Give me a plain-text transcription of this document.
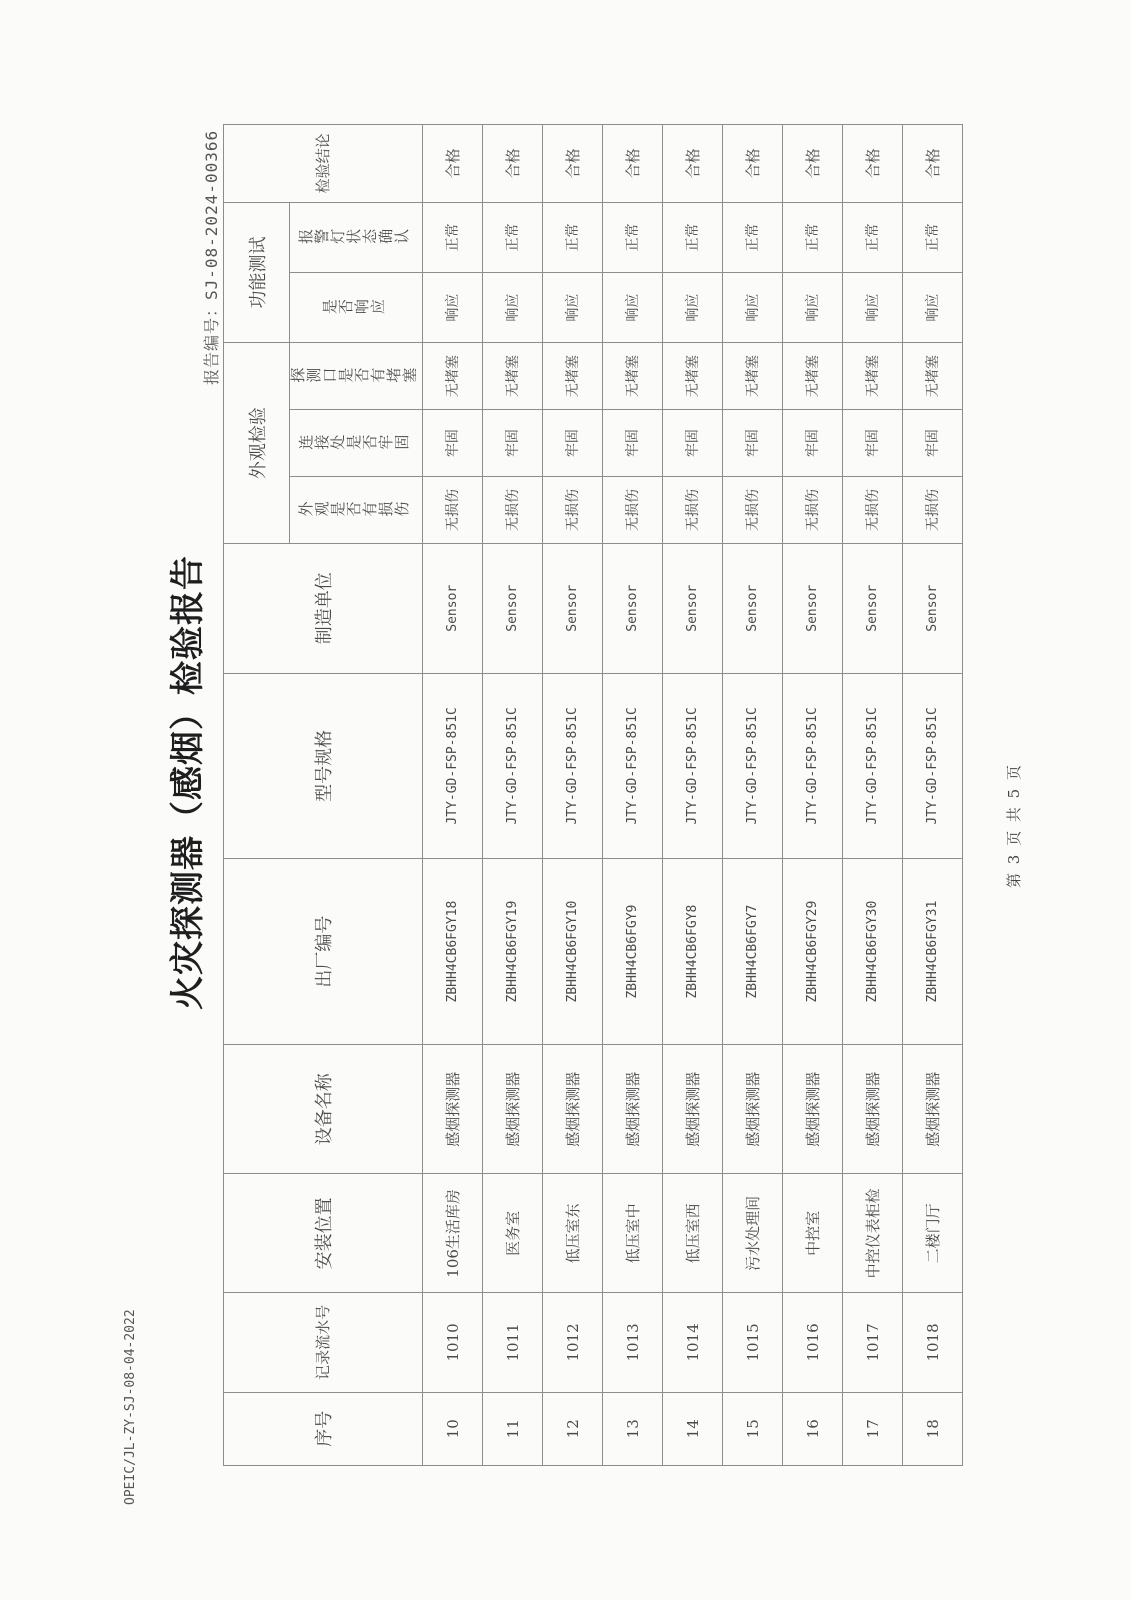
OPEIC/JL-ZY-SJ-08-04-2022
火灾探测器（感烟）检验报告
报告编号：SJ-08-2024-00366
第 3 页 共 5 页
序号	记录流水号	安装位置	设备名称	出厂编号	型号规格	制造单位	外观检验			功能测试		检验结论
							外观是否有损伤	连接处是否牢固	探测口是否有堵塞	是否响应	报警灯状态确认	
10	1010	106生活库房	感烟探测器	ZBHH4CB6FGY18	JTY-GD-FSP-851C	Sensor	无损伤	牢固	无堵塞	响应	正常	合格
11	1011	医务室	感烟探测器	ZBHH4CB6FGY19	JTY-GD-FSP-851C	Sensor	无损伤	牢固	无堵塞	响应	正常	合格
12	1012	低压室东	感烟探测器	ZBHH4CB6FGY10	JTY-GD-FSP-851C	Sensor	无损伤	牢固	无堵塞	响应	正常	合格
13	1013	低压室中	感烟探测器	ZBHH4CB6FGY9	JTY-GD-FSP-851C	Sensor	无损伤	牢固	无堵塞	响应	正常	合格
14	1014	低压室西	感烟探测器	ZBHH4CB6FGY8	JTY-GD-FSP-851C	Sensor	无损伤	牢固	无堵塞	响应	正常	合格
15	1015	污水处理间	感烟探测器	ZBHH4CB6FGY7	JTY-GD-FSP-851C	Sensor	无损伤	牢固	无堵塞	响应	正常	合格
16	1016	中控室	感烟探测器	ZBHH4CB6FGY29	JTY-GD-FSP-851C	Sensor	无损伤	牢固	无堵塞	响应	正常	合格
17	1017	中控仪表柜检	感烟探测器	ZBHH4CB6FGY30	JTY-GD-FSP-851C	Sensor	无损伤	牢固	无堵塞	响应	正常	合格
18	1018	二楼门厅	感烟探测器	ZBHH4CB6FGY31	JTY-GD-FSP-851C	Sensor	无损伤	牢固	无堵塞	响应	正常	合格
